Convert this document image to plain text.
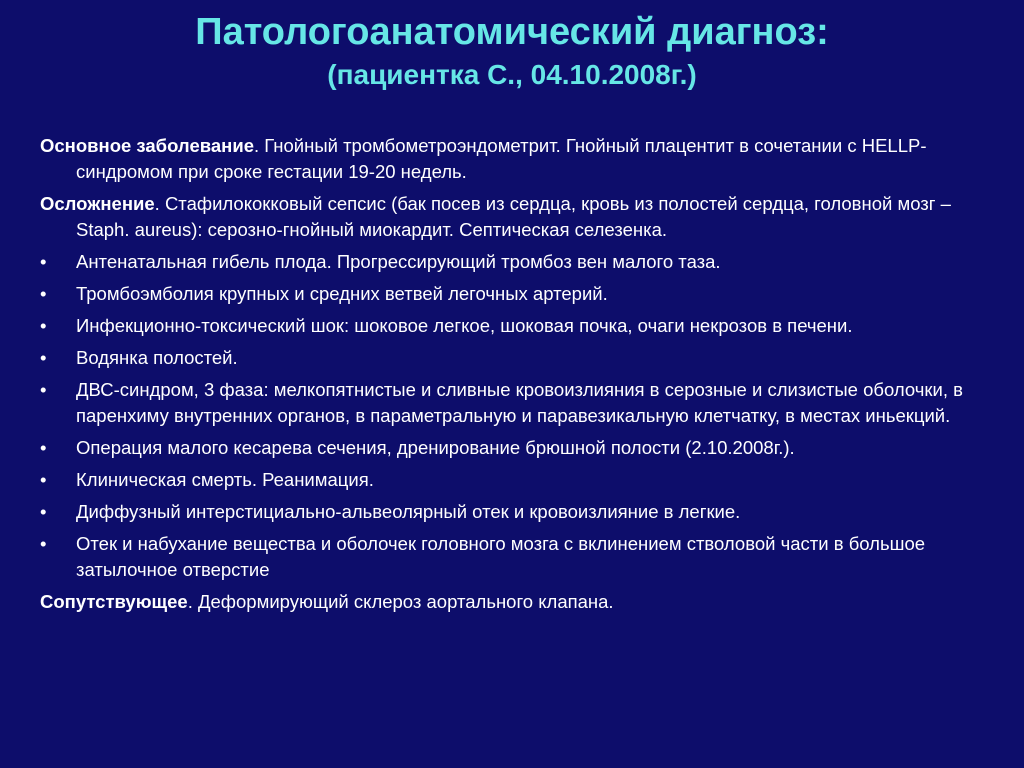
Патологоанатомический диагноз:
(пациентка С., 04.10.2008г.)
Основное заболевание. Гнойный тромбометроэндометрит. Гнойный плацентит в сочетании с HELLP-синдромом при сроке гестации 19-20 недель.
Осложнение. Стафилококковый сепсис (бак посев из сердца, кровь из полостей сердца, головной мозг – Staph. aureus): серозно-гнойный миокардит. Септическая селезенка.
•	Антенатальная гибель плода. Прогрессирующий тромбоз вен малого таза.
•	Тромбоэмболия крупных и средних ветвей легочных артерий.
•	Инфекционно-токсический шок: шоковое легкое, шоковая почка, очаги некрозов в печени.
•	Водянка полостей.
•	ДВС-синдром, 3 фаза: мелкопятнистые и сливные кровоизлияния в серозные и слизистые оболочки, в паренхиму внутренних органов, в параметральную и паравезикальную клетчатку, в местах иньекций.
•	Операция малого кесарева сечения, дренирование брюшной полости (2.10.2008г.).
•	Клиническая смерть. Реанимация.
•	Диффузный интерстициально-альвеолярный отек и кровоизлияние в легкие.
•	Отек и набухание вещества и оболочек головного мозга с вклинением стволовой части в большое затылочное отверстие
Сопутствующее. Деформирующий склероз аортального клапана.
